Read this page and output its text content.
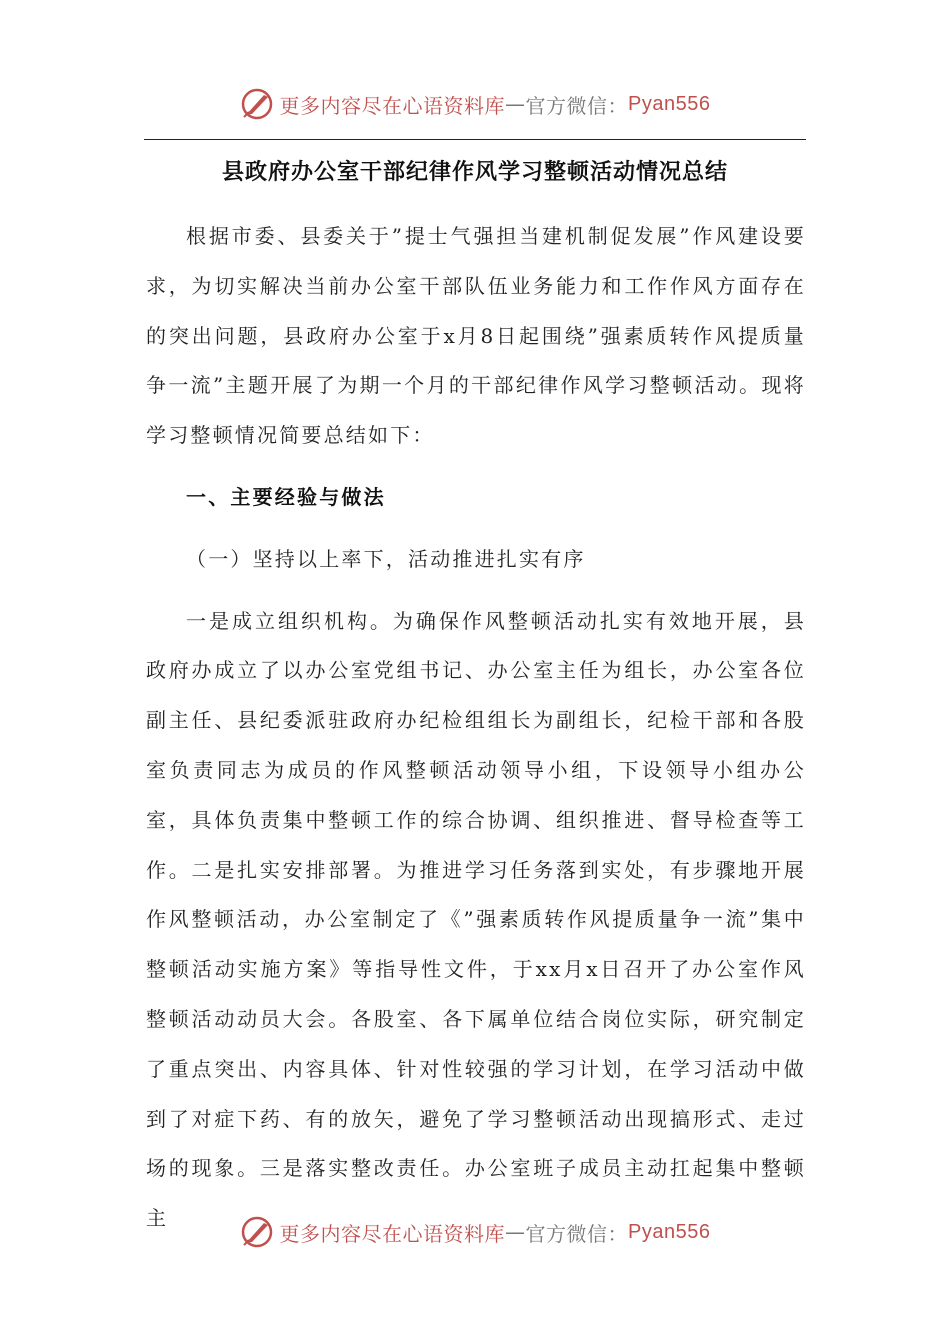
更多内容尽在心语资料库 — 官方微信： Pyan556
县政府办公室干部纪律作风学习整顿活动情况总结

根据市委、县委关于”提士气强担当建机制促发展”作风建设要求，为切实解决当前办公室干部队伍业务能力和工作作风方面存在的突出问题，县政府办公室于x月8日起围绕”强素质转作风提质量争一流”主题开展了为期一个月的干部纪律作风学习整顿活动。现将学习整顿情况简要总结如下：

一、主要经验与做法

（一）坚持以上率下，活动推进扎实有序

一是成立组织机构。为确保作风整顿活动扎实有效地开展，县政府办成立了以办公室党组书记、办公室主任为组长，办公室各位副主任、县纪委派驻政府办纪检组组长为副组长，纪检干部和各股室负责同志为成员的作风整顿活动领导小组，下设领导小组办公室，具体负责集中整顿工作的综合协调、组织推进、督导检查等工作。二是扎实安排部署。为推进学习任务落到实处，有步骤地开展作风整顿活动，办公室制定了《”强素质转作风提质量争一流”集中整顿活动实施方案》等指导性文件，于xx月x日召开了办公室作风整顿活动动员大会。各股室、各下属单位结合岗位实际，研究制定了重点突出、内容具体、针对性较强的学习计划，在学习活动中做到了对症下药、有的放矢，避免了学习整顿活动出现搞形式、走过场的现象。三是落实整改责任。办公室班子成员主动扛起集中整顿主

更多内容尽在心语资料库 — 官方微信： Pyan556
